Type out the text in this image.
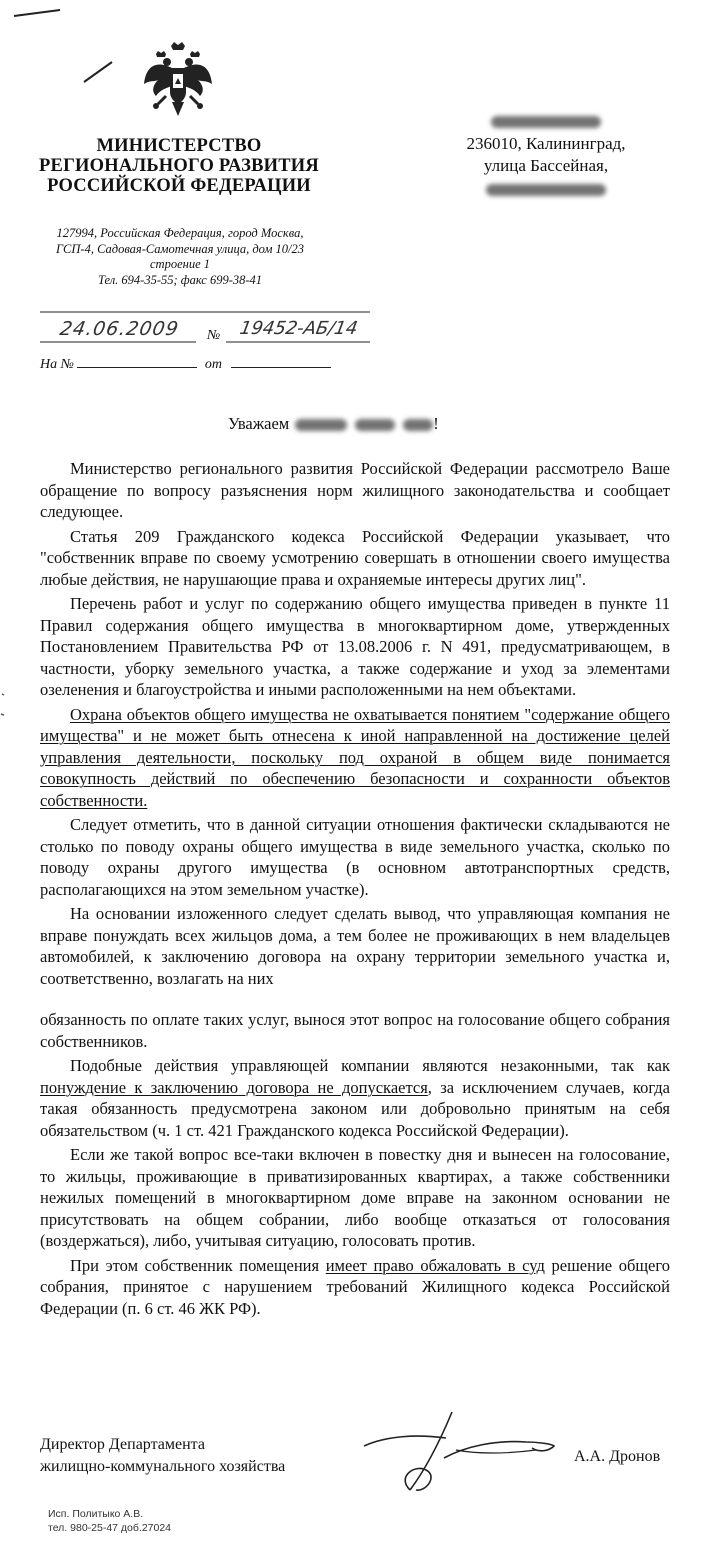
МИНИСТЕРСТВО
РЕГИОНАЛЬНОГО РАЗВИТИЯ
РОССИЙСКОЙ ФЕДЕРАЦИИ
127994, Российская Федерация, город Москва,
ГСП-4, Садовая-Самотечная улица, дом 10/23
строение 1
Тел. 694-35-55; факс 699-38-41
236010, Калининград,
улица Бассейная,
24.06.2009 № 19452-АБ/14
На №	от
Уважаем	!

Министерство регионального развития Российской Федерации рассмотрело Ваше обращение по вопросу разъяснения норм жилищного законодательства и сообщает следующее.

Статья 209 Гражданского кодекса Российской Федерации указывает, что "собственник вправе по своему усмотрению совершать в отношении своего имущества любые действия, не нарушающие права и охраняемые интересы других лиц".

Перечень работ и услуг по содержанию общего имущества приведен в пункте 11 Правил содержания общего имущества в многоквартирном доме, утвержденных Постановлением Правительства РФ от 13.08.2006 г. N 491, предусматривающем, в частности, уборку земельного участка, а также содержание и уход за элементами озеленения и благоустройства и иными расположенными на нем объектами.

Охрана объектов общего имущества не охватывается понятием "содержание общего имущества" и не может быть отнесена к иной направленной на достижение целей управления деятельности, поскольку под охраной в общем виде понимается совокупность действий по обеспечению безопасности и сохранности объектов собственности.

Следует отметить, что в данной ситуации отношения фактически складываются не столько по поводу охраны общего имущества в виде земельного участка, сколько по поводу охраны другого имущества (в основном автотранспортных средств, располагающихся на этом земельном участке).

На основании изложенного следует сделать вывод, что управляющая компания не вправе понуждать всех жильцов дома, а тем более не проживающих в нем владельцев автомобилей, к заключению договора на охрану территории земельного участка и, соответственно, возлагать на них

обязанность по оплате таких услуг, вынося этот вопрос на голосование общего собрания собственников.

Подобные действия управляющей компании являются незаконными, так как понуждение к заключению договора не допускается, за исключением случаев, когда такая обязанность предусмотрена законом или добровольно принятым на себя обязательством (ч. 1 ст. 421 Гражданского кодекса Российской Федерации).

Если же такой вопрос все-таки включен в повестку дня и вынесен на голосование, то жильцы, проживающие в приватизированных квартирах, а также собственники нежилых помещений в многоквартирном доме вправе на законном основании не присутствовать на общем собрании, либо вообще отказаться от голосования (воздержаться), либо, учитывая ситуацию, голосовать против.

При этом собственник помещения имеет право обжаловать в суд решение общего собрания, принятое с нарушением требований Жилищного кодекса Российской Федерации (п. 6 ст. 46 ЖК РФ).

Директор Департамента
жилищно-коммунального хозяйства
А.А. Дронов
Исп. Политыко А.В.
тел. 980-25-47 доб.27024
